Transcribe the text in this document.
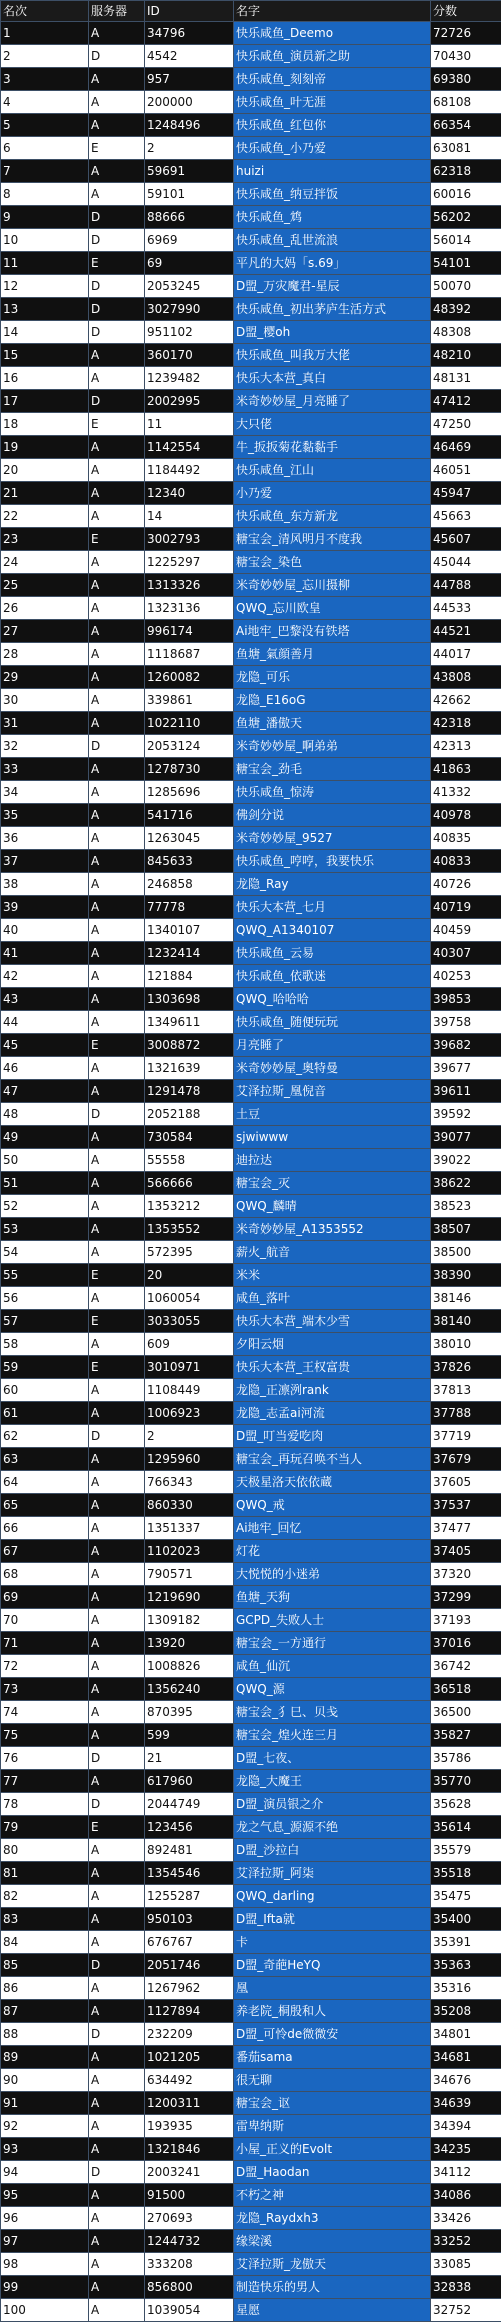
名次	服务器	ID	名字	分数
1	A	34796	快乐咸鱼_Deemo	72726
2	D	4542	快乐咸鱼_演员新之助	70430
3	A	957	快乐咸鱼_刻刻帝	69380
4	A	200000	快乐咸鱼_叶无涯	68108
5	A	1248496	快乐咸鱼_红包你	66354
6	E	2	快乐咸鱼_小乃爱	63081
7	A	59691	huizi	62318
8	A	59101	快乐咸鱼_纳豆拌饭	60016
9	D	88666	快乐咸鱼_鸩	56202
10	D	6969	快乐咸鱼_乱世流浪	56014
11	E	69	平凡的大妈「s.69」	54101
12	D	2053245	D盟_万灾魔君-星辰	50070
13	D	3027990	快乐咸鱼_初出茅庐生活方式	48392
14	D	951102	D盟_樱oh	48308
15	A	360170	快乐咸鱼_叫我万大佬	48210
16	A	1239482	快乐大本营_真白	48131
17	D	2002995	米奇妙妙屋_月亮睡了	47412
18	E	11	大只佬	47250
19	A	1142554	牛_扳扳菊花黏黏手	46469
20	A	1184492	快乐咸鱼_江山	46051
21	A	12340	小乃爱	45947
22	A	14	快乐咸鱼_东方新龙	45663
23	E	3002793	糖宝会_清风明月不度我	45607
24	A	1225297	糖宝会_染色	45044
25	A	1313326	米奇妙妙屋_忘川摄柳	44788
26	A	1323136	QWQ_忘川欧皇	44533
27	A	996174	Ai地牢_巴黎没有铁塔	44521
28	A	1118687	鱼塘_氣顔善月	44017
29	A	1260082	龙隐_可乐	43808
30	A	339861	龙隐_E16oG	42662
31	A	1022110	鱼塘_潘傲天	42318
32	D	2053124	米奇妙妙屋_啊弟弟	42313
33	A	1278730	糖宝会_劲毛	41863
34	A	1285696	快乐咸鱼_惊涛	41332
35	A	541716	佛剑分说	40978
36	A	1263045	米奇妙妙屋_9527	40835
37	A	845633	快乐咸鱼_哼哼，我要快乐	40833
38	A	246858	龙隐_Ray	40726
39	A	77778	快乐大本营_七月	40719
40	A	1340107	QWQ_A1340107	40459
41	A	1232414	快乐咸鱼_云易	40307
42	A	121884	快乐咸鱼_依歌迷	40253
43	A	1303698	QWQ_哈哈哈	39853
44	A	1349611	快乐咸鱼_随便玩玩	39758
45	E	3008872	月亮睡了	39682
46	A	1321639	米奇妙妙屋_奥特曼	39677
47	A	1291478	艾泽拉斯_凰倪音	39611
48	D	2052188	土豆	39592
49	A	730584	sjwiwww	39077
50	A	55558	迪拉达	39022
51	A	566666	糖宝会_灭	38622
52	A	1353212	QWQ_麟晴	38523
53	A	1353552	米奇妙妙屋_A1353552	38507
54	A	572395	薪火_航音	38500
55	E	20	米米	38390
56	A	1060054	咸鱼_落叶	38146
57	E	3033055	快乐大本营_端木少雪	38140
58	A	609	夕阳云烟	38010
59	E	3010971	快乐大本营_王权富贵	37826
60	A	1108449	龙隐_正凛洌rank	37813
61	A	1006923	龙隐_志孟ai河流	37788
62	D	2	D盟_叮当爱吃肉	37719
63	A	1295960	糖宝会_再玩召唤不当人	37679
64	A	766343	天极星洛天依依蔵	37605
65	A	860330	QWQ_戒	37537
66	A	1351337	Ai地牢_回忆	37477
67	A	1102023	灯花	37405
68	A	790571	大悦悦的小迷弟	37320
69	A	1219690	鱼塘_天狗	37299
70	A	1309182	GCPD_失败人士	37193
71	A	13920	糖宝会_一方通行	37016
72	A	1008826	咸鱼_仙沉	36742
73	A	1356240	QWQ_源	36518
74	A	870395	糖宝会_犭巳、贝戋	36500
75	A	599	糖宝会_煌火连三月	35827
76	D	21	D盟_七夜、	35786
77	A	617960	龙隐_大魔王	35770
78	D	2044749	D盟_演员银之介	35628
79	E	123456	龙之气息_源源不绝	35614
80	A	892481	D盟_沙拉白	35579
81	A	1354546	艾泽拉斯_阿柒	35518
82	A	1255287	QWQ_darling	35475
83	A	950103	D盟_Ifta就	35400
84	A	676767	卡	35391
85	D	2051746	D盟_奇葩HeYQ	35363
86	A	1267962	凰	35316
87	A	1127894	养老院_桐殷和人	35208
88	D	232209	D盟_可怜de微微安	34801
89	A	1021205	番茄sama	34681
90	A	634492	很无聊	34676
91	A	1200311	糖宝会_讴	34639
92	A	193935	雷卑纳斯	34394
93	A	1321846	小屋_正义的Evolt	34235
94	D	2003241	D盟_Haodan	34112
95	A	91500	不朽之神	34086
96	A	270693	龙隐_Raydxh3	33426
97	A	1244732	缘梁溪	33252
98	A	333208	艾泽拉斯_龙傲天	33085
99	A	856800	制造快乐的男人	32838
100	A	1039054	星愿	32752
